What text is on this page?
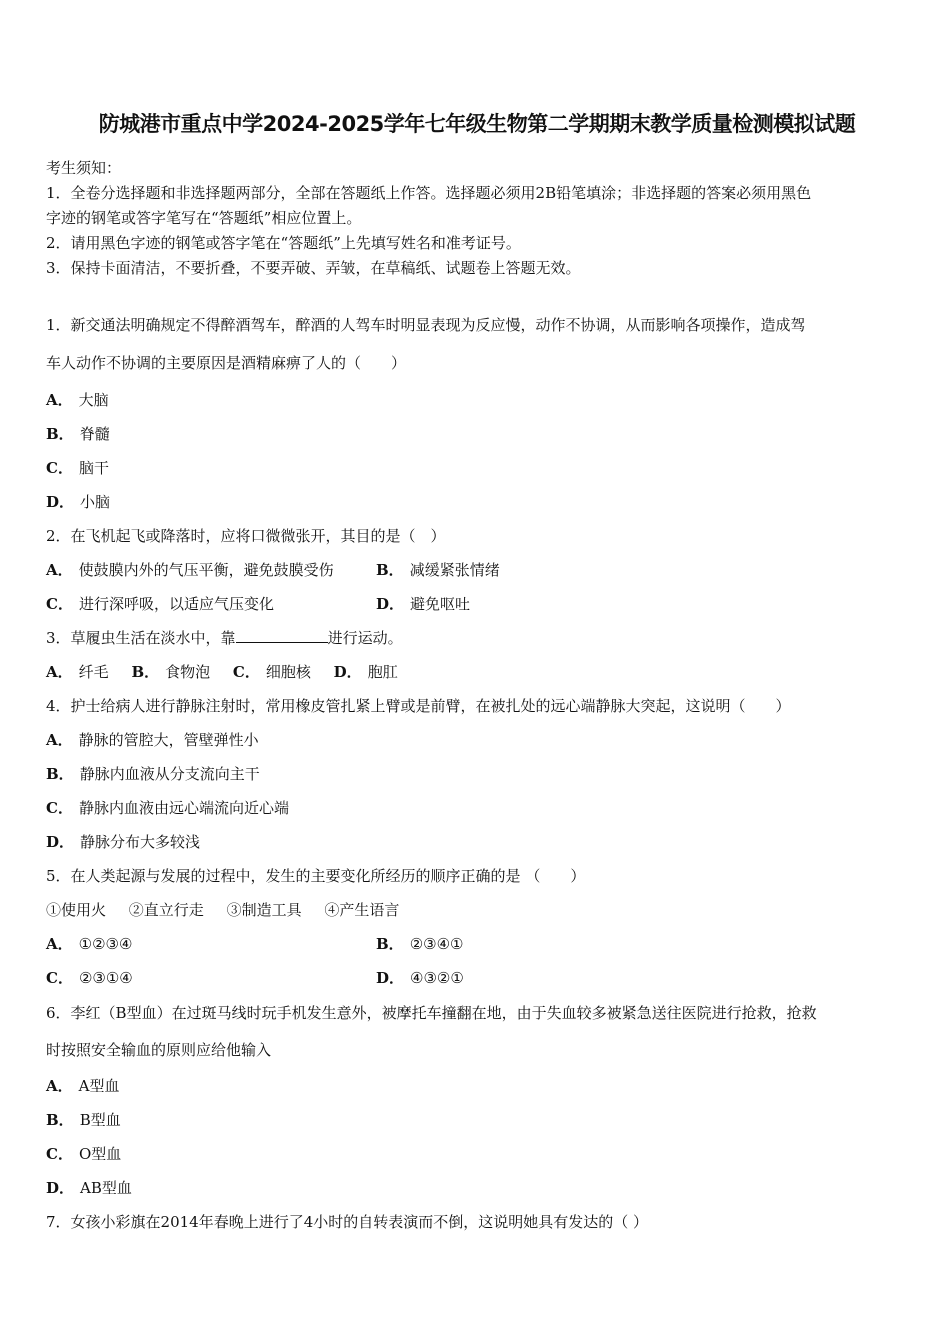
防城港市重点中学2024-2025学年七年级生物第二学期期末教学质量检测模拟试题
考生须知：
1．全卷分选择题和非选择题两部分，全部在答题纸上作答。选择题必须用2B铅笔填涂；非选择题的答案必须用黑色
字迹的钢笔或答字笔写在“答题纸”相应位置上。
2．请用黑色字迹的钢笔或答字笔在“答题纸”上先填写姓名和准考证号。
3．保持卡面清洁，不要折叠，不要弄破、弄皱，在草稿纸、试题卷上答题无效。
1．新交通法明确规定不得醉酒驾车，醉酒的人驾车时明显表现为反应慢，动作不协调，从而影响各项操作，造成驾
车人动作不协调的主要原因是酒精麻痹了人的（　　）
A． 大脑
B． 脊髓
C． 脑干
D． 小脑
2．在飞机起飞或降落时，应将口微微张开，其目的是（　）
A． 使鼓膜内外的气压平衡，避免鼓膜受伤	B． 减缓紧张情绪
C． 进行深呼吸，以适应气压变化	D． 避免呕吐
3．草履虫生活在淡水中，靠	进行运动。
A． 纤毛 B． 食物泡 C． 细胞核 D． 胞肛
4．护士给病人进行静脉注射时，常用橡皮管扎紧上臂或是前臂，在被扎处的远心端静脉大突起，这说明（　　）
A． 静脉的管腔大，管壁弹性小
B． 静脉内血液从分支流向主干
C． 静脉内血液由远心端流向近心端
D． 静脉分布大多较浅
5．在人类起源与发展的过程中，发生的主要变化所经历的顺序正确的是 （　　）
①使用火 ②直立行走 ③制造工具 ④产生语言
A． ①②③④	B． ②③④①
C． ②③①④	D． ④③②①
6．李红（B型血）在过斑马线时玩手机发生意外，被摩托车撞翻在地，由于失血较多被紧急送往医院进行抢救，抢救
时按照安全输血的原则应给他输入
A． A型血
B． B型血
C． O型血
D． AB型血
7．女孩小彩旗在2014年春晚上进行了4小时的自转表演而不倒，这说明她具有发达的（ ）
